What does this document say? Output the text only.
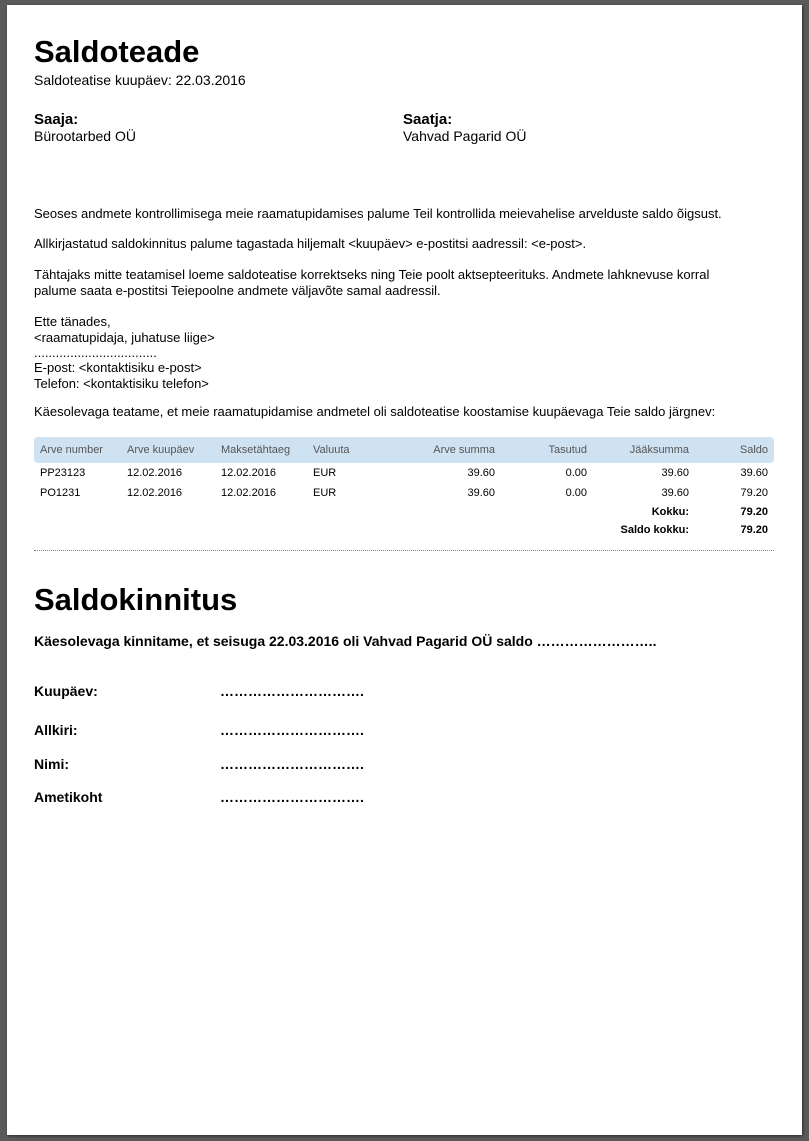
Saldoteade
Saldoteatise kuupäev: 22.03.2016
Saaja:
Bürootarbed OÜ
Saatja:
Vahvad Pagarid OÜ
Seoses andmete kontrollimisega meie raamatupidamises palume Teil kontrollida meievahelise arvelduste saldo õigsust.
Allkirjastatud saldokinnitus palume tagastada hiljemalt <kuupäev> e-postitsi aadressil: <e-post>.
Tähtajaks mitte teatamisel loeme saldoteatise korrektseks ning Teie poolt aktsepteerituks. Andmete lahknevuse korral
palume saata e-postitsi Teiepoolne andmete väljavõte samal aadressil.
Ette tänades,
<raamatupidaja, juhatuse liige>
..................................
E-post: <kontaktisiku e-post>
Telefon: <kontaktisiku telefon>
Käesolevaga teatame, et meie raamatupidamise andmetel oli saldoteatise koostamise kuupäevaga Teie saldo järgnev:
Arve number	Arve kuupäev	Maksetähtaeg	Valuuta	Arve summa	Tasutud	Jääksumma	Saldo
PP23123	12.02.2016	12.02.2016	EUR	39.60	0.00	39.60	39.60
PO1231	12.02.2016	12.02.2016	EUR	39.60	0.00	39.60	79.20
						Kokku:	79.20
						Saldo kokku:	79.20
Saldokinnitus
Käesolevaga kinnitame, et seisuga 22.03.2016 oli Vahvad Pagarid OÜ saldo ……………………..
Kuupäev:	………………………….
Allkiri:	………………………….
Nimi:	………………………….
Ametikoht	………………………….
